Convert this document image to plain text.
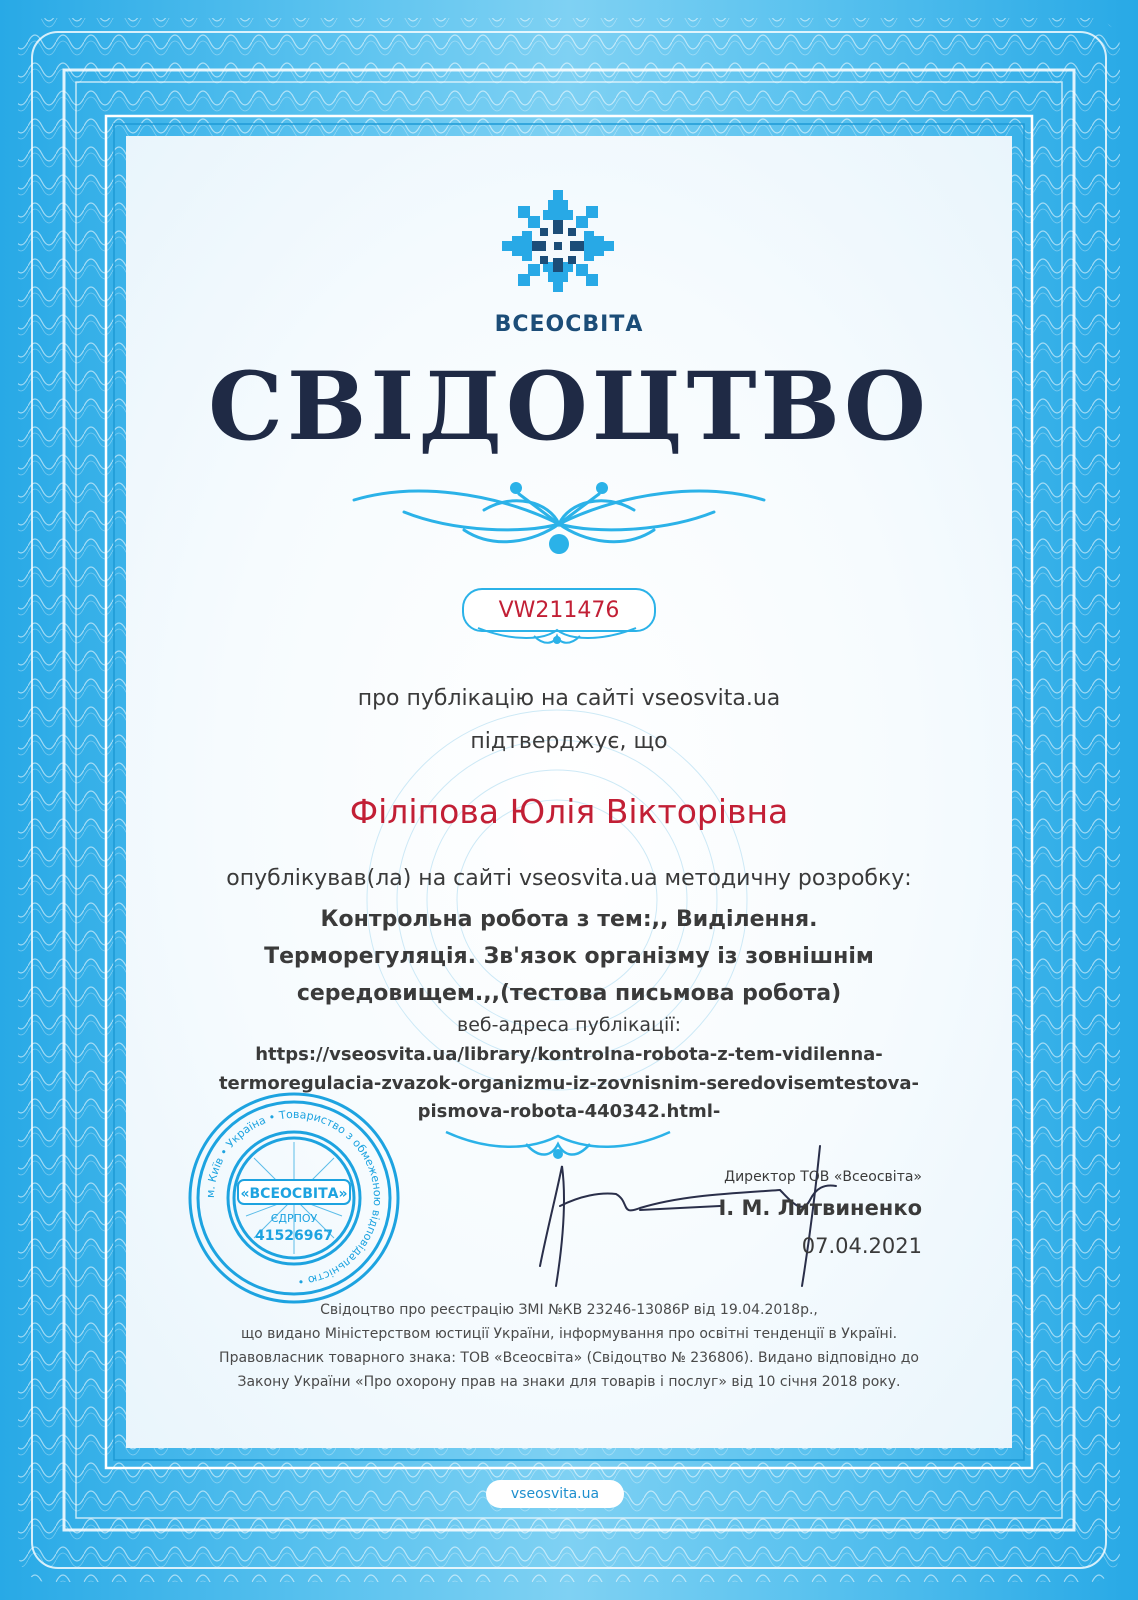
ВСЕОСВІТА
СВІДОЦТВО
VW211476
про публікацію на сайті vseosvita.ua
підтверджує, що
Філіпова Юлія Вікторівна
опублікував(ла) на сайті vseosvita.ua методичну розробку:
Контрольна робота з тем:,, Виділення.
Терморегуляція. Зв'язок організму із зовнішнім
середовищем.,,(тестова письмова робота)
веб-адреса публікації:
https://vseosvita.ua/library/kontrolna-robota-z-tem-vidilenna-
termoregulacia-zvazok-organizmu-iz-zovnisnim-seredovisemtestova-
pismova-robota-440342.html-
«ВСЕОСВІТА»
ЄДРПОУ
41526967
м. Київ • Україна • Товариство з обмеженою відповідальністю •
Директор ТОВ «Всеосвіта»
І. М. Литвиненко
07.04.2021
Свідоцтво про реєстрацію ЗМІ №КВ 23246-13086Р від 19.04.2018р.,
що видано Міністерством юстиції України, інформування про освітні тенденції в Україні.
Правовласник товарного знака: ТОВ «Всеосвіта» (Свідоцтво № 236806). Видано відповідно до
Закону України «Про охорону прав на знаки для товарів і послуг» від 10 січня 2018 року.
vseosvita.ua
